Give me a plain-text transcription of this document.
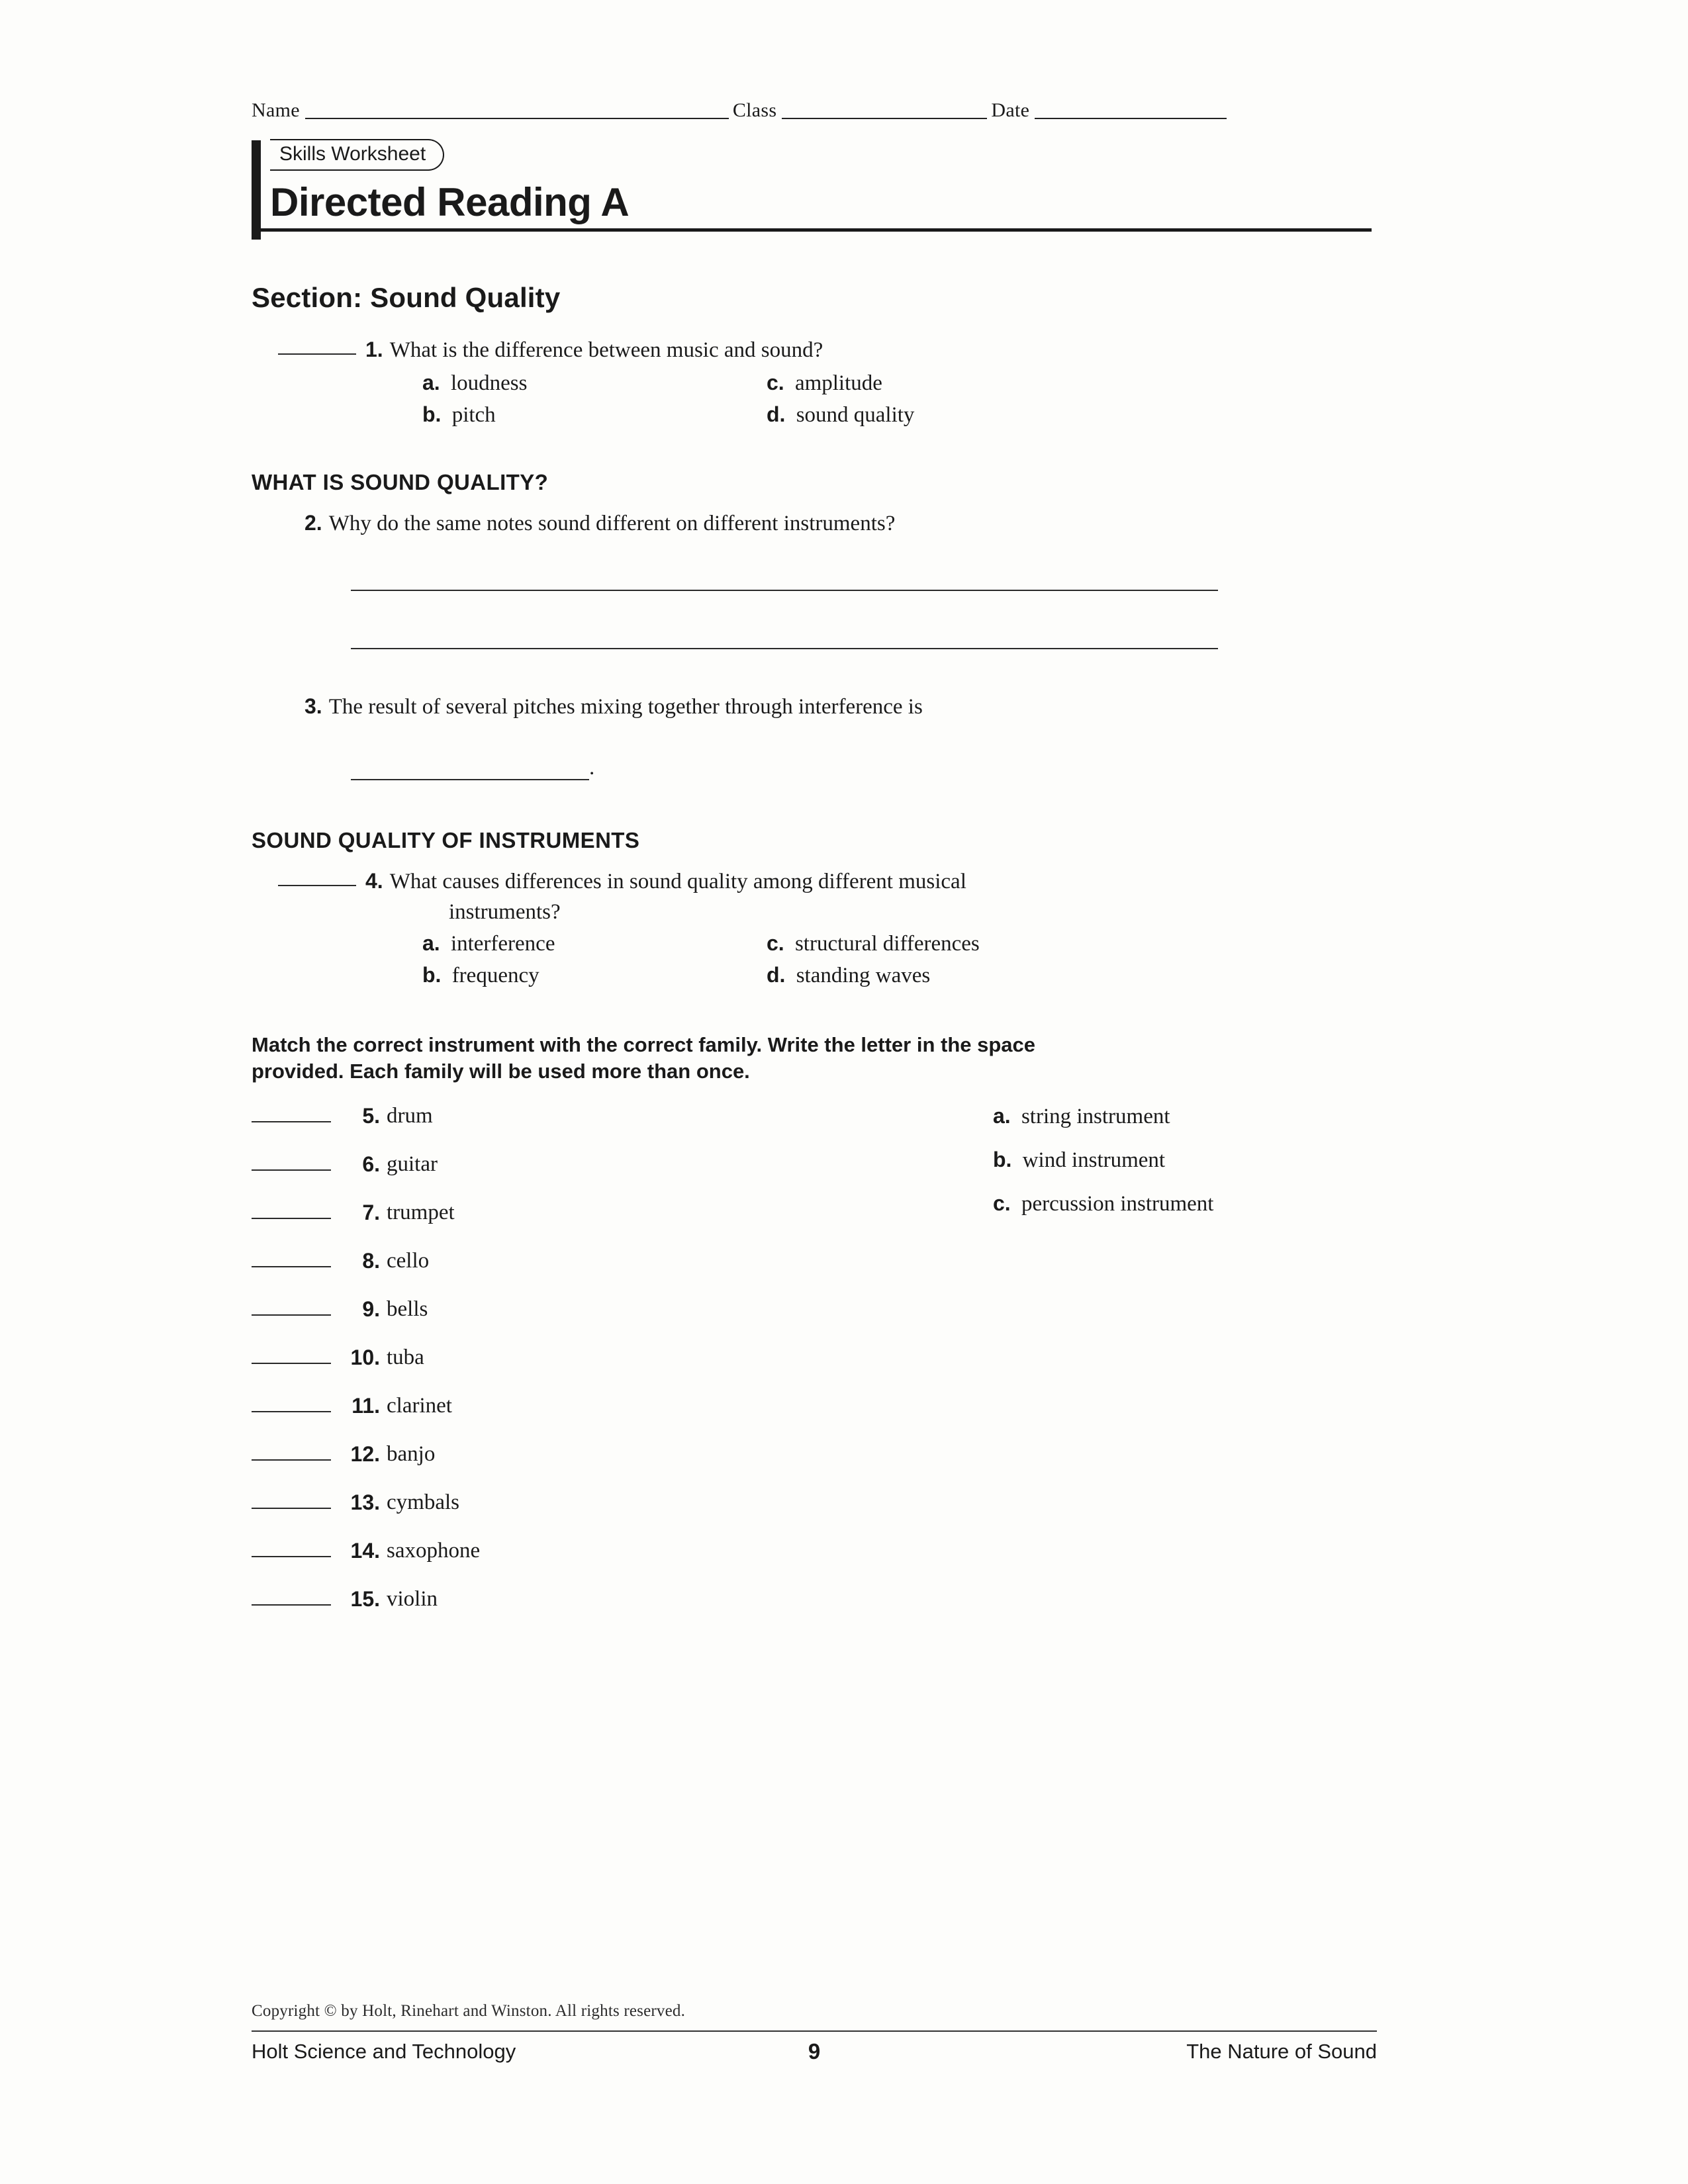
Name	Class	Date
Skills Worksheet
Directed Reading A
Section: Sound Quality
1. What is the difference between music and sound?
a. loudness
b. pitch
c. amplitude
d. sound quality
WHAT IS SOUND QUALITY?
2. Why do the same notes sound different on different instruments?
3. The result of several pitches mixing together through interference is
.
SOUND QUALITY OF INSTRUMENTS
4. What causes differences in sound quality among different musical
instruments?
a. interference
b. frequency
c. structural differences
d. standing waves
Match the correct instrument with the correct family. Write the letter in the space
provided. Each family will be used more than once.
5. drum
6. guitar
7. trumpet
8. cello
9. bells
10. tuba
11. clarinet
12. banjo
13. cymbals
14. saxophone
15. violin
a. string instrument
b. wind instrument
c. percussion instrument
Copyright © by Holt, Rinehart and Winston. All rights reserved.
Holt Science and Technology	9	The Nature of Sound
